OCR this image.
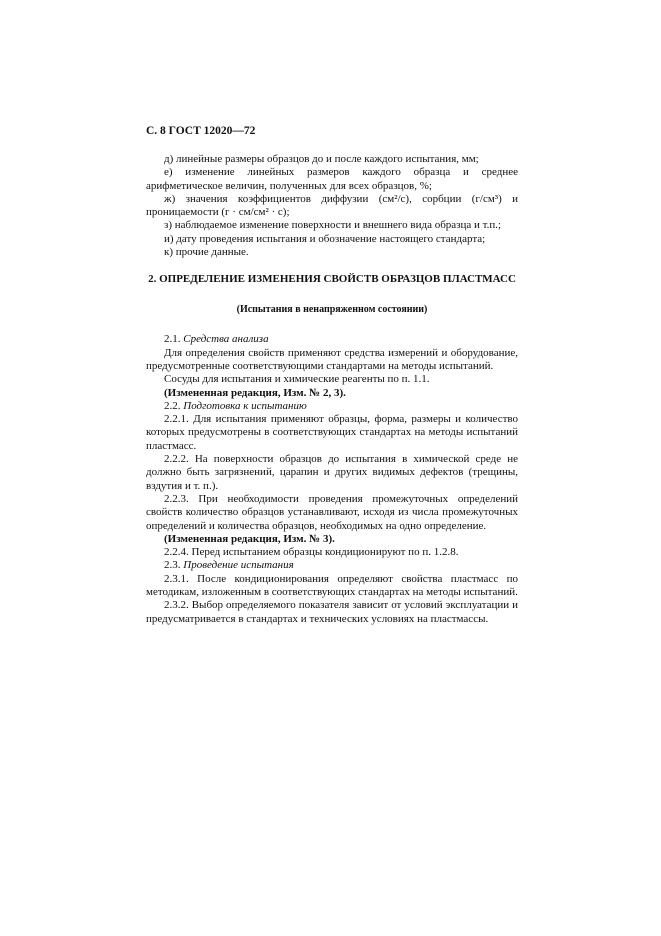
С. 8 ГОСТ 12020—72

д) линейные размеры образцов до и после каждого испытания, мм;

е) изменение линейных размеров каждого образца и среднее арифметическое величин, полученных для всех образцов, %;

ж) значения коэффициентов диффузии (см²/с), сорбции (г/см³) и проницаемости (г · см/см² · с);

з) наблюдаемое изменение поверхности и внешнего вида образца и т.п.;

и) дату проведения испытания и обозначение настоящего стандарта;

к) прочие данные.

2. ОПРЕДЕЛЕНИЕ ИЗМЕНЕНИЯ СВОЙСТВ ОБРАЗЦОВ ПЛАСТМАСС
(Испытания в ненапряженном состоянии)

2.1. Средства анализа

Для определения свойств применяют средства измерений и оборудование, предусмотренные соответствующими стандартами на методы испытаний.

Сосуды для испытания и химические реагенты по п. 1.1.

(Измененная редакция, Изм. № 2, 3).

2.2. Подготовка к испытанию

2.2.1. Для испытания применяют образцы, форма, размеры и количество которых предусмотрены в соответствующих стандартах на методы испытаний пластмасс.

2.2.2. На поверхности образцов до испытания в химической среде не должно быть загрязнений, царапин и других видимых дефектов (трещины, вздутия и т. п.).

2.2.3. При необходимости проведения промежуточных определений свойств количество образцов устанавливают, исходя из числа промежуточных определений и количества образцов, необходимых на одно определение.

(Измененная редакция, Изм. № 3).

2.2.4. Перед испытанием образцы кондиционируют по п. 1.2.8.

2.3. Проведение испытания

2.3.1. После кондиционирования определяют свойства пластмасс по методикам, изложенным в соответствующих стандартах на методы испытаний.

2.3.2. Выбор определяемого показателя зависит от условий эксплуатации и предусматривается в стандартах и технических условиях на пластмассы.
